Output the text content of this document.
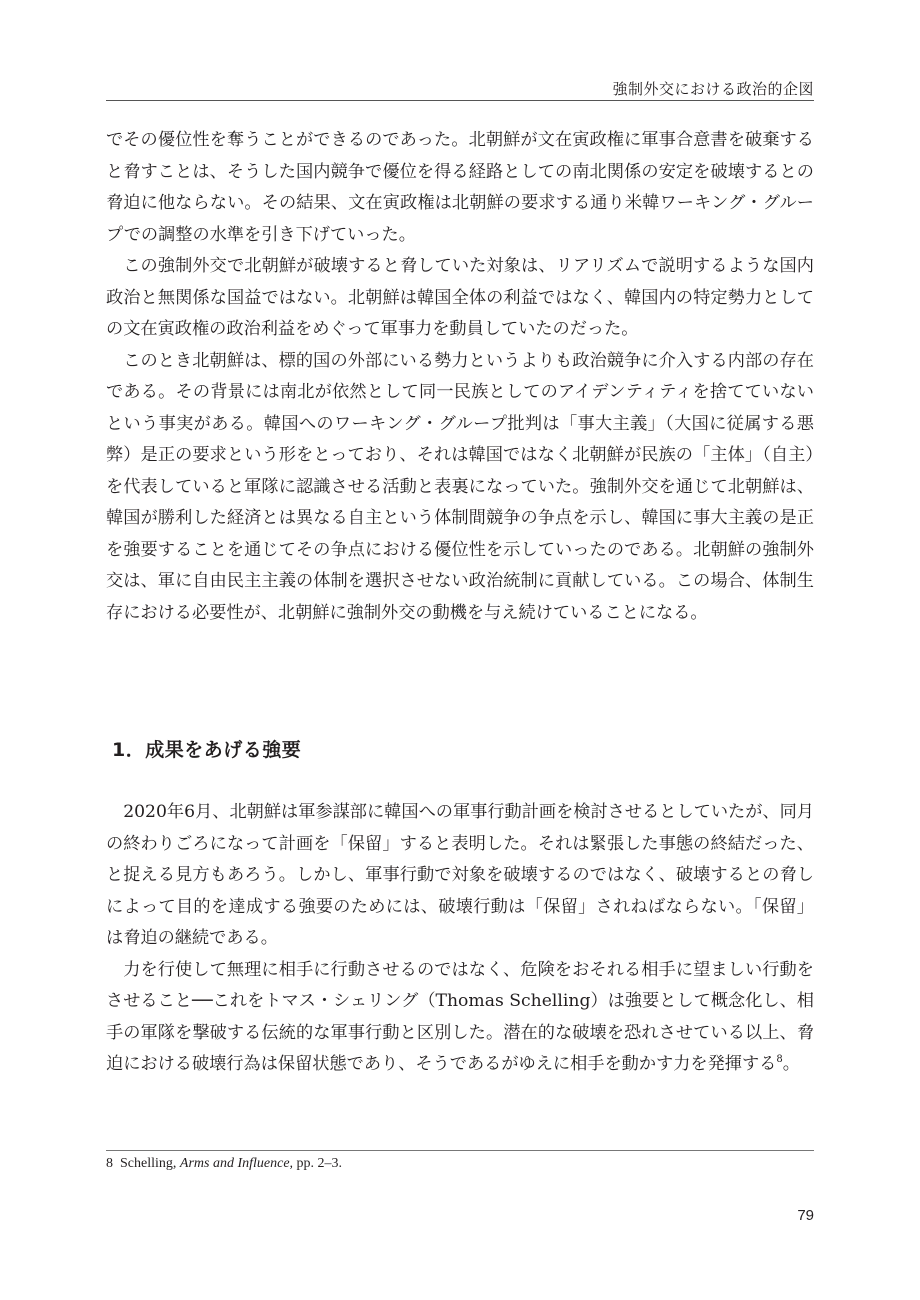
強制外交における政治的企図

でその優位性を奪うことができるのであった。北朝鮮が文在寅政権に軍事合意書を破棄すると脅すことは、そうした国内競争で優位を得る経路としての南北関係の安定を破壊するとの脅迫に他ならない。その結果、文在寅政権は北朝鮮の要求する通り米韓ワーキング・グループでの調整の水準を引き下げていった。

この強制外交で北朝鮮が破壊すると脅していた対象は、リアリズムで説明するような国内政治と無関係な国益ではない。北朝鮮は韓国全体の利益ではなく、韓国内の特定勢力としての文在寅政権の政治利益をめぐって軍事力を動員していたのだった。

このとき北朝鮮は、標的国の外部にいる勢力というよりも政治競争に介入する内部の存在である。その背景には南北が依然として同一民族としてのアイデンティティを捨てていないという事実がある。韓国へのワーキング・グループ批判は「事大主義」（大国に従属する悪弊）是正の要求という形をとっており、それは韓国ではなく北朝鮮が民族の「主体」（自主）を代表していると軍隊に認識させる活動と表裏になっていた。強制外交を通じて北朝鮮は、韓国が勝利した経済とは異なる自主という体制間競争の争点を示し、韓国に事大主義の是正を強要することを通じてその争点における優位性を示していったのである。北朝鮮の強制外交は、軍に自由民主主義の体制を選択させない政治統制に貢献している。この場合、体制生存における必要性が、北朝鮮に強制外交の動機を与え続けていることになる。

1．成果をあげる強要

2020年6月、北朝鮮は軍参謀部に韓国への軍事行動計画を検討させるとしていたが、同月の終わりごろになって計画を「保留」すると表明した。それは緊張した事態の終結だった、と捉える見方もあろう。しかし、軍事行動で対象を破壊するのではなく、破壊するとの脅しによって目的を達成する強要のためには、破壊行動は「保留」されねばならない。「保留」は脅迫の継続である。

力を行使して無理に相手に行動させるのではなく、危険をおそれる相手に望ましい行動をさせること──これをトマス・シェリング（Thomas Schelling）は強要として概念化し、相手の軍隊を撃破する伝統的な軍事行動と区別した。潜在的な破壊を恐れさせている以上、脅迫における破壊行為は保留状態であり、そうであるがゆえに相手を動かす力を発揮する$^8$。

8 Schelling, Arms and Influence, pp. 2–3.
79
